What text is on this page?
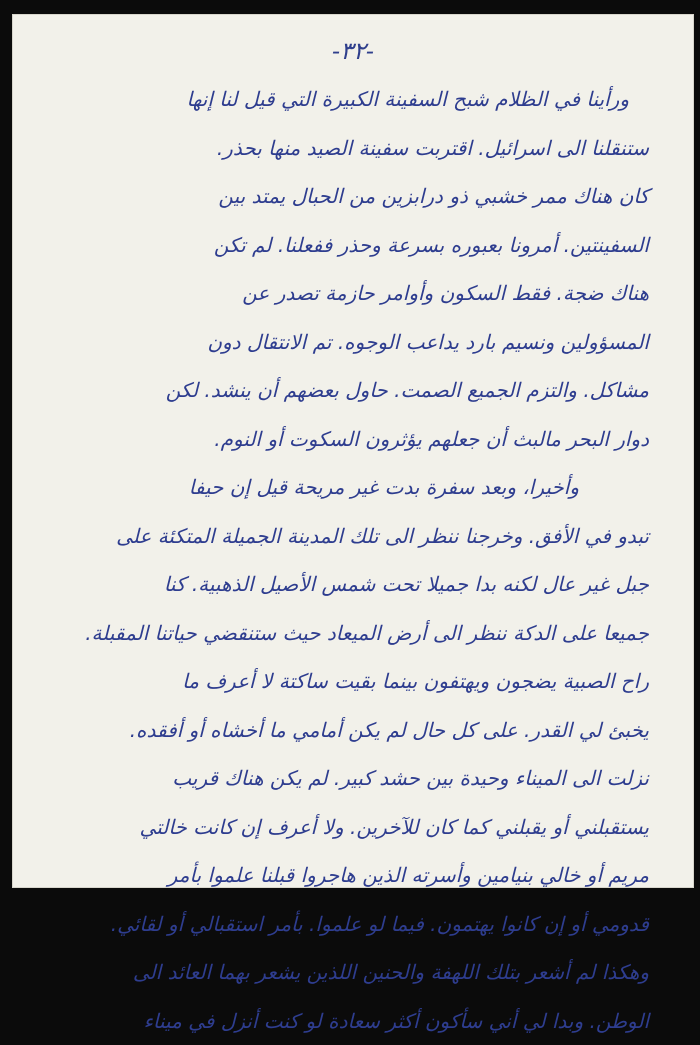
-٣٢-
ورأينا في الظلام شبح السفينة الكبيرة التي قيل لنا إنها
ستنقلنا الى اسرائيل. اقتربت سفينة الصيد منها بحذر.
كان هناك ممر خشبي ذو درابزين من الحبال يمتد بين
السفينتين. أمرونا بعبوره بسرعة وحذر ففعلنا. لم تكن
هناك ضجة. فقط السكون وأوامر حازمة تصدر عن
المسؤولين ونسيم بارد يداعب الوجوه. تم الانتقال دون
مشاكل. والتزم الجميع الصمت. حاول بعضهم أن ينشد. لكن
دوار البحر مالبث أن جعلهم يؤثرون السكوت أو النوم.
وأخيرا، وبعد سفرة بدت غير مريحة قيل إن حيفا
تبدو في الأفق. وخرجنا ننظر الى تلك المدينة الجميلة المتكئة على
جبل غير عال لكنه بدا جميلا تحت شمس الأصيل الذهبية. كنا
جميعا على الدكة ننظر الى أرض الميعاد حيث ستنقضي حياتنا المقبلة.
راح الصبية يضجون ويهتفون بينما بقيت ساكتة لا أعرف ما
يخبئ لي القدر. على كل حال لم يكن أمامي ما أخشاه أو أفقده.
نزلت الى الميناء وحيدة بين حشد كبير. لم يكن هناك قريب
يستقبلني أو يقبلني كما كان للآخرين. ولا أعرف إن كانت خالتي
مريم أو خالي بنيامين وأسرته الذين هاجروا قبلنا علموا بأمر
قدومي أو إن كانوا يهتمون. فيما لو علموا. بأمر استقبالي أو لقائي.
وهكذا لم أشعر بتلك اللهفة والحنين اللذين يشعر بهما العائد الى
الوطن. وبدا لي أني سأكون أكثر سعادة لو كنت أنزل في ميناء
